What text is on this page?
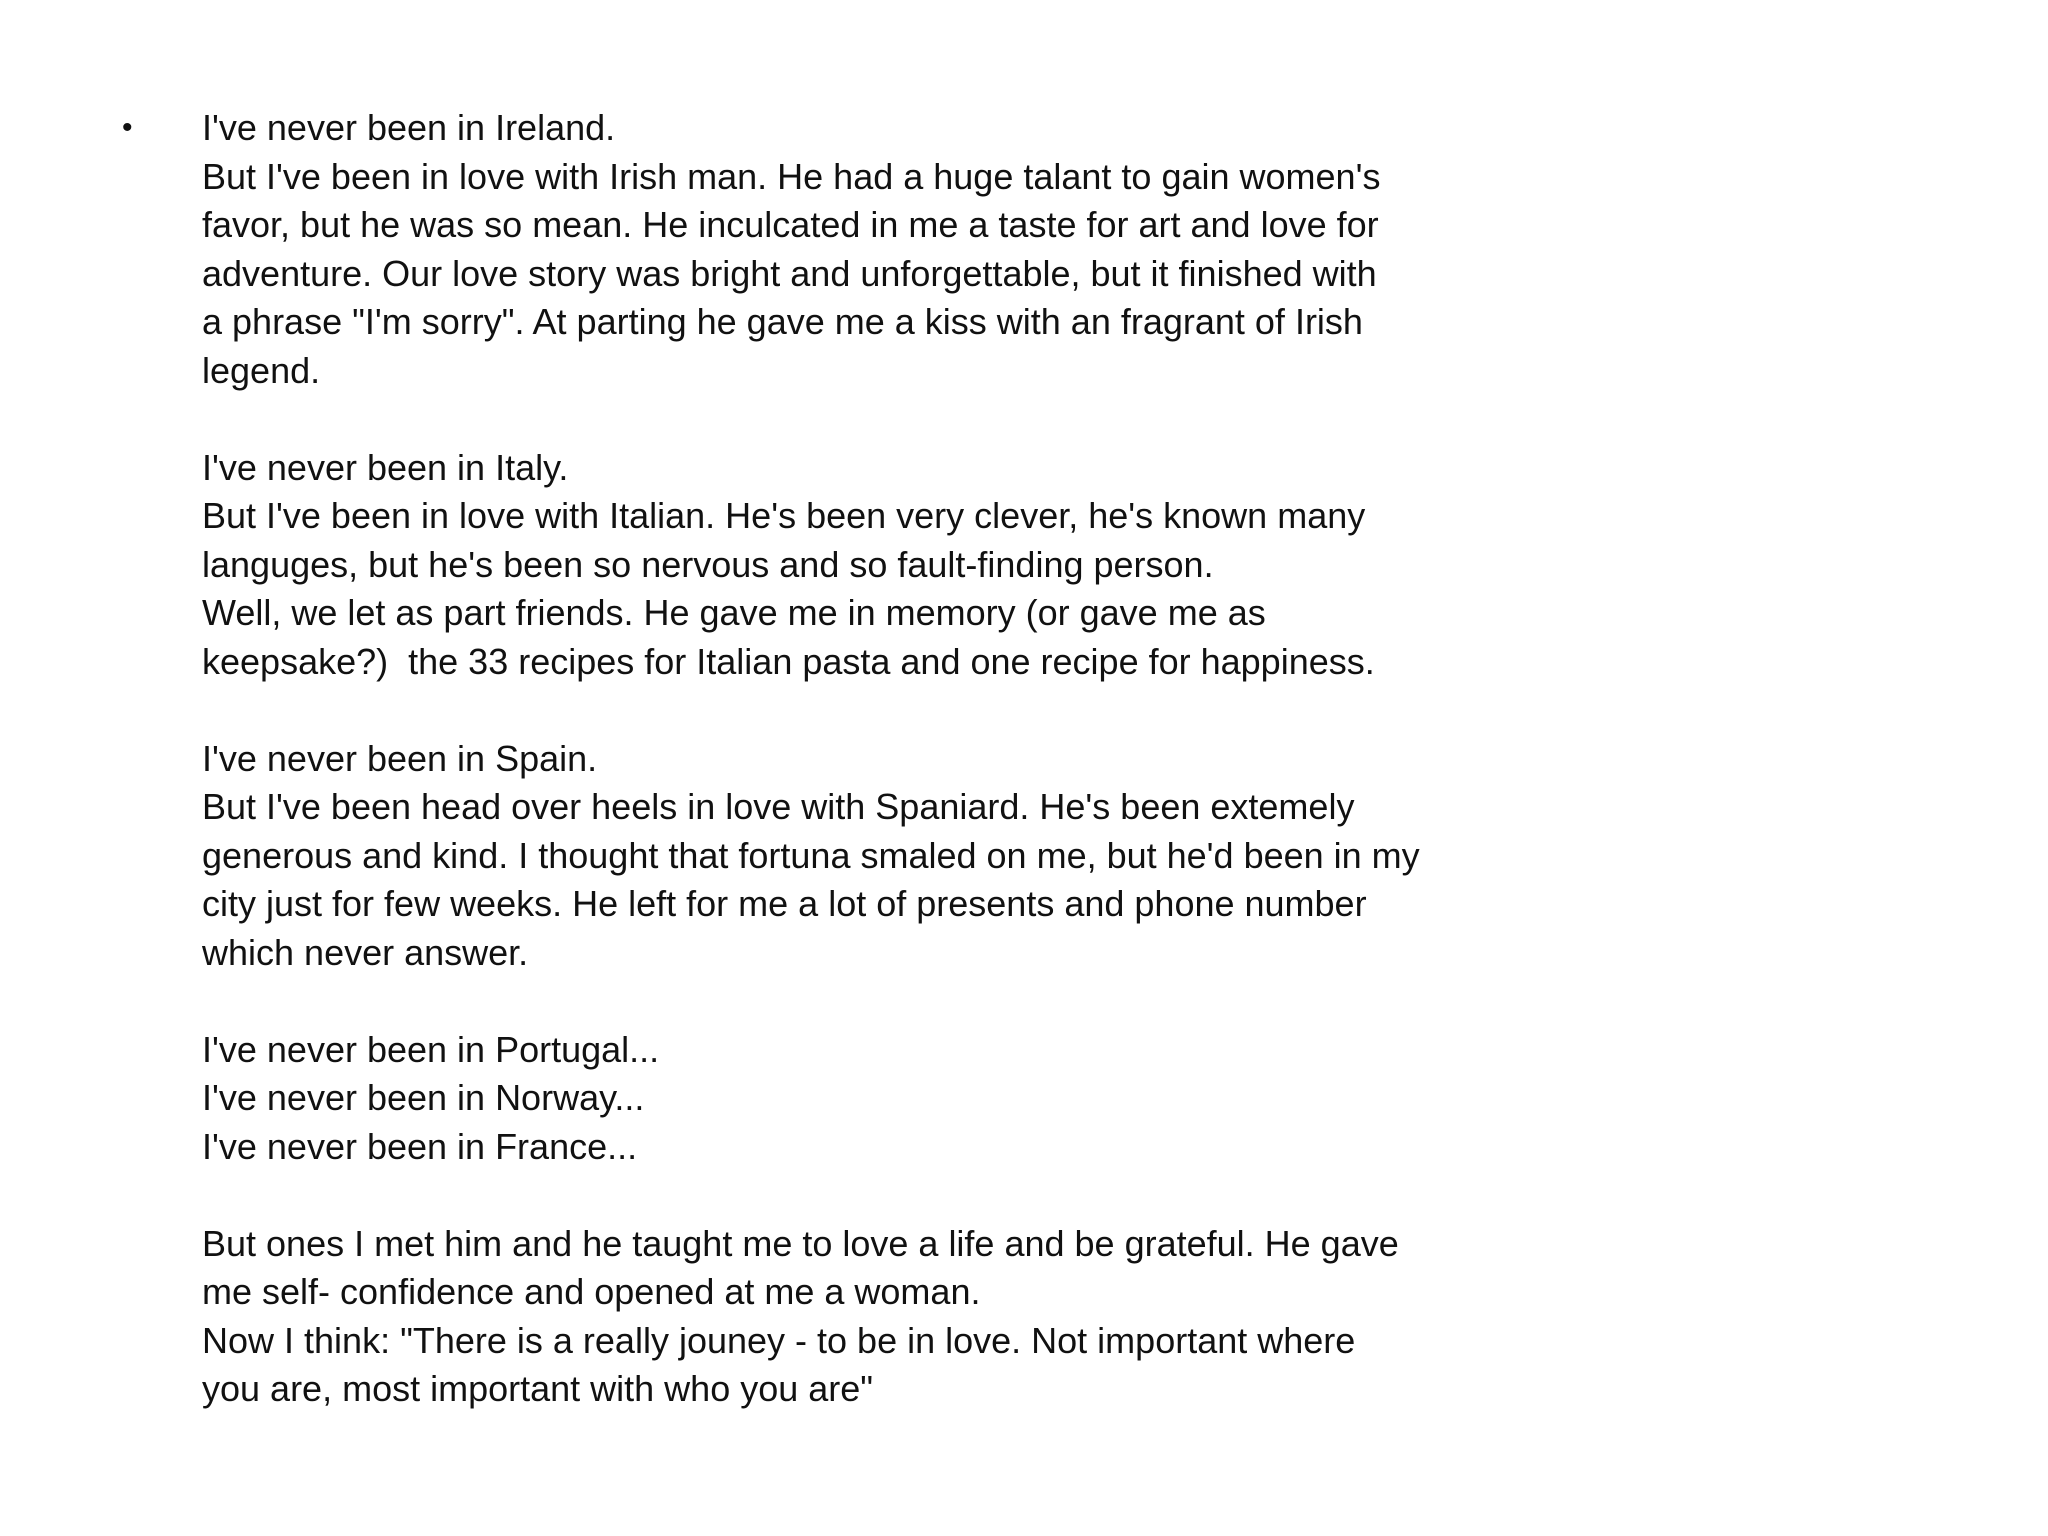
• I've never been in Ireland.
But I've been in love with Irish man. He had a huge talant to gain women's
favor, but he was so mean. He inculcated in me a taste for art and love for
adventure. Our love story was bright and unforgettable, but it finished with
a phrase "I'm sorry". At parting he gave me a kiss with an fragrant of Irish
legend.
I've never been in Italy.
But I've been in love with Italian. He's been very clever, he's known many
languges, but he's been so nervous and so fault-finding person.
Well, we let as part friends. He gave me in memory (or gave me as
keepsake?)  the 33 recipes for Italian pasta and one recipe for happiness.
I've never been in Spain.
But I've been head over heels in love with Spaniard. He's been extemely
generous and kind. I thought that fortuna smaled on me, but he'd been in my
city just for few weeks. He left for me a lot of presents and phone number
which never answer.
I've never been in Portugal...
I've never been in Norway...
I've never been in France...
But ones I met him and he taught me to love a life and be grateful. He gave
me self- confidence and opened at me a woman.
Now I think: "There is a really jouney - to be in love. Not important where
you are, most important with who you are"
